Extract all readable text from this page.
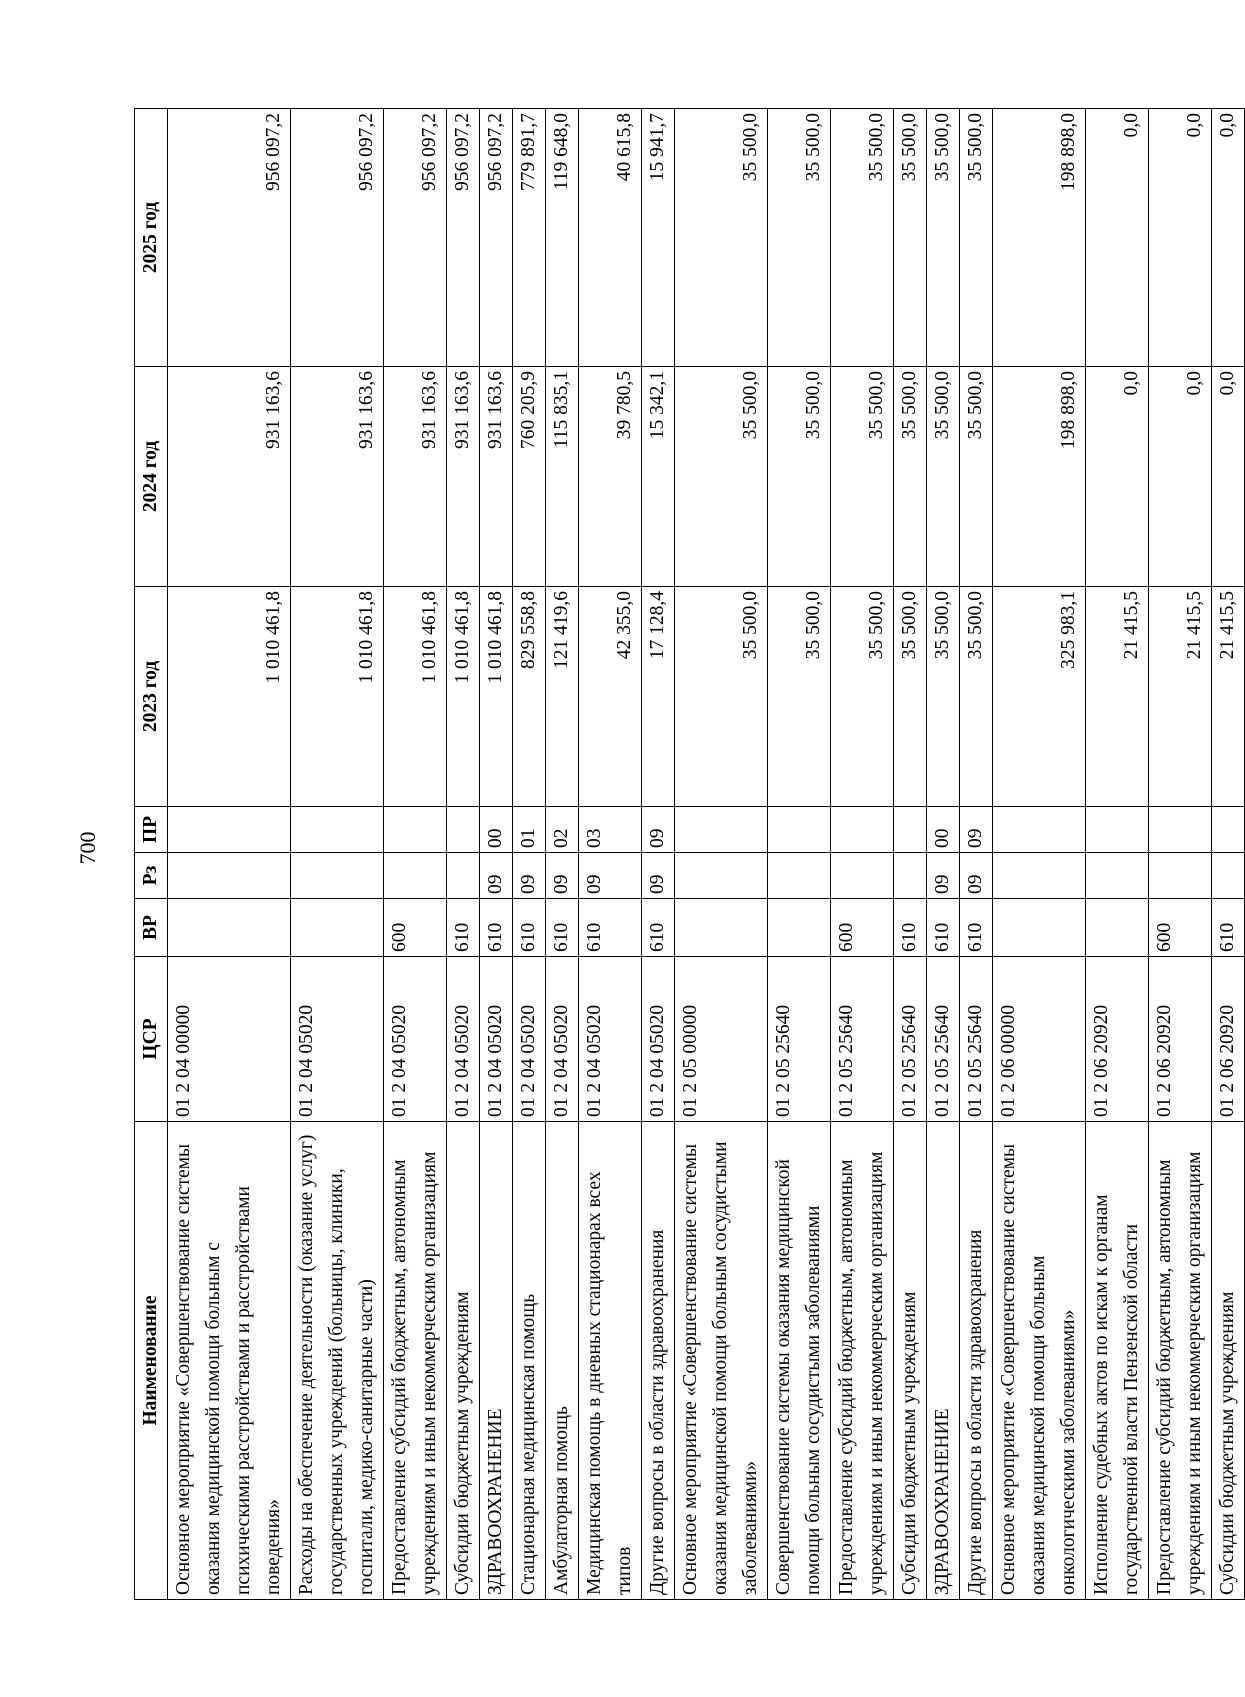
700
Наименование	ЦСР	ВР	Рз	ПР	2023 год	2024 год	2025 год
Основное мероприятие «Совершенствование системы оказания медицинской помощи больным с психическими расстройствами и расстройствами поведения»	01 2 04 00000				1 010 461,8	931 163,6	956 097,2
Расходы на обеспечение деятельности (оказание услуг) государственных учреждений (больницы, клиники, госпитали, медико-санитарные части)	01 2 04 05020				1 010 461,8	931 163,6	956 097,2
Предоставление субсидий бюджетным, автономным учреждениям и иным некоммерческим организациям	01 2 04 05020	600			1 010 461,8	931 163,6	956 097,2
Субсидии бюджетным учреждениям	01 2 04 05020	610			1 010 461,8	931 163,6	956 097,2
ЗДРАВООХРАНЕНИЕ	01 2 04 05020	610	09	00	1 010 461,8	931 163,6	956 097,2
Стационарная медицинская помощь	01 2 04 05020	610	09	01	829 558,8	760 205,9	779 891,7
Амбулаторная помощь	01 2 04 05020	610	09	02	121 419,6	115 835,1	119 648,0
Медицинская помощь в дневных стационарах всех типов	01 2 04 05020	610	09	03	42 355,0	39 780,5	40 615,8
Другие вопросы в области здравоохранения	01 2 04 05020	610	09	09	17 128,4	15 342,1	15 941,7
Основное мероприятие «Совершенствование системы оказания медицинской помощи больным сосудистыми заболеваниями»	01 2 05 00000				35 500,0	35 500,0	35 500,0
Совершенствование системы оказания медицинской помощи больным сосудистыми заболеваниями	01 2 05 25640				35 500,0	35 500,0	35 500,0
Предоставление субсидий бюджетным, автономным учреждениям и иным некоммерческим организациям	01 2 05 25640	600			35 500,0	35 500,0	35 500,0
Субсидии бюджетным учреждениям	01 2 05 25640	610			35 500,0	35 500,0	35 500,0
ЗДРАВООХРАНЕНИЕ	01 2 05 25640	610	09	00	35 500,0	35 500,0	35 500,0
Другие вопросы в области здравоохранения	01 2 05 25640	610	09	09	35 500,0	35 500,0	35 500,0
Основное мероприятие «Совершенствование системы оказания медицинской помощи больным онкологическими заболеваниями»	01 2 06 00000				325 983,1	198 898,0	198 898,0
Исполнение судебных актов по искам к органам государственной власти Пензенской области	01 2 06 20920				21 415,5	0,0	0,0
Предоставление субсидий бюджетным, автономным учреждениям и иным некоммерческим организациям	01 2 06 20920	600			21 415,5	0,0	0,0
Субсидии бюджетным учреждениям	01 2 06 20920	610			21 415,5	0,0	0,0
